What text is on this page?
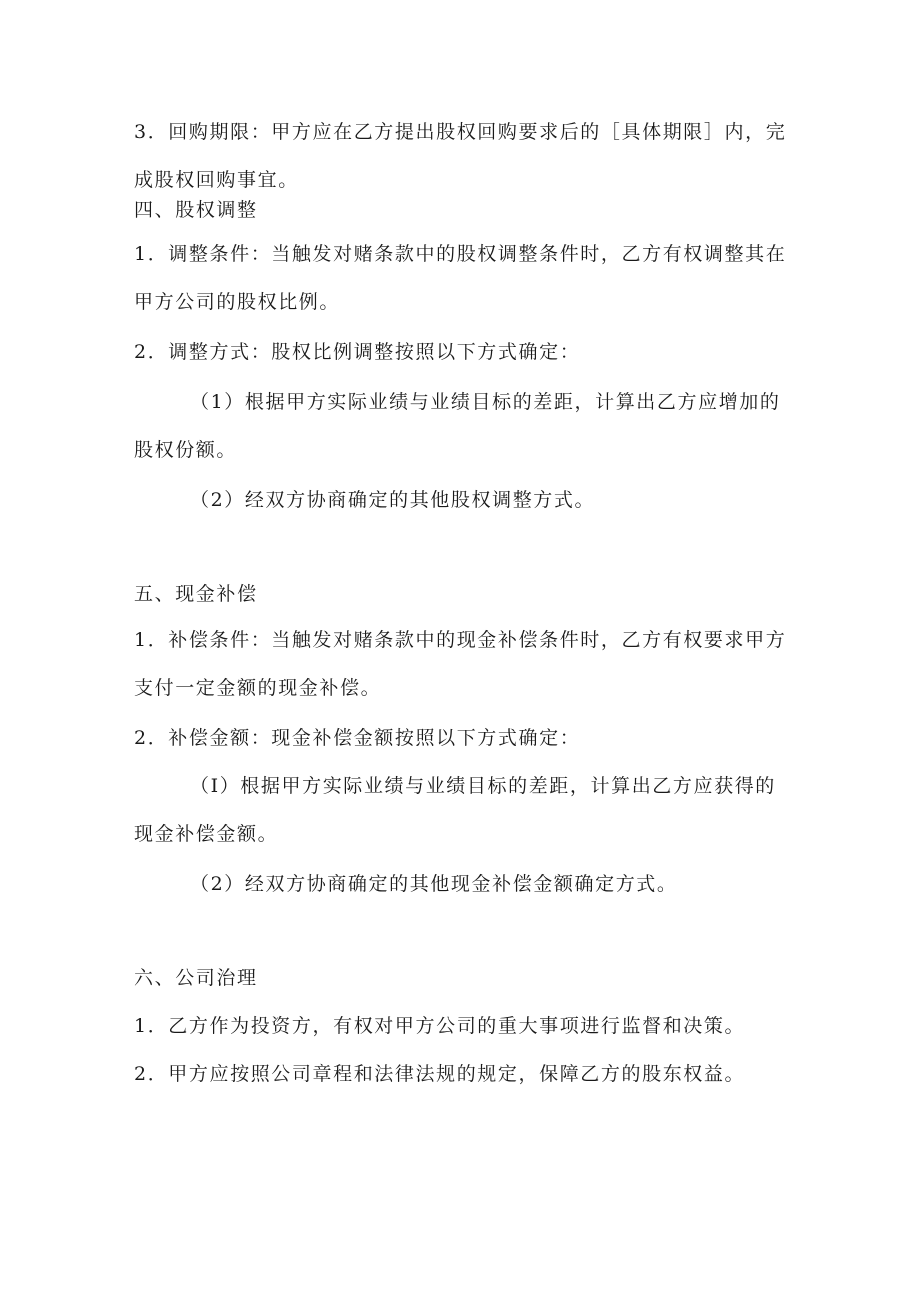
3．回购期限：甲方应在乙方提出股权回购要求后的［具体期限］内，完
成股权回购事宜。
四、股权调整
1．调整条件：当触发对赌条款中的股权调整条件时，乙方有权调整其在
甲方公司的股权比例。
2．调整方式：股权比例调整按照以下方式确定：
（1）根据甲方实际业绩与业绩目标的差距，计算出乙方应增加的
股权份额。
（2）经双方协商确定的其他股权调整方式。
五、现金补偿
1．补偿条件：当触发对赌条款中的现金补偿条件时，乙方有权要求甲方
支付一定金额的现金补偿。
2．补偿金额：现金补偿金额按照以下方式确定：
（I）根据甲方实际业绩与业绩目标的差距，计算出乙方应获得的
现金补偿金额。
（2）经双方协商确定的其他现金补偿金额确定方式。
六、公司治理
1．乙方作为投资方，有权对甲方公司的重大事项进行监督和决策。
2．甲方应按照公司章程和法律法规的规定，保障乙方的股东权益。
